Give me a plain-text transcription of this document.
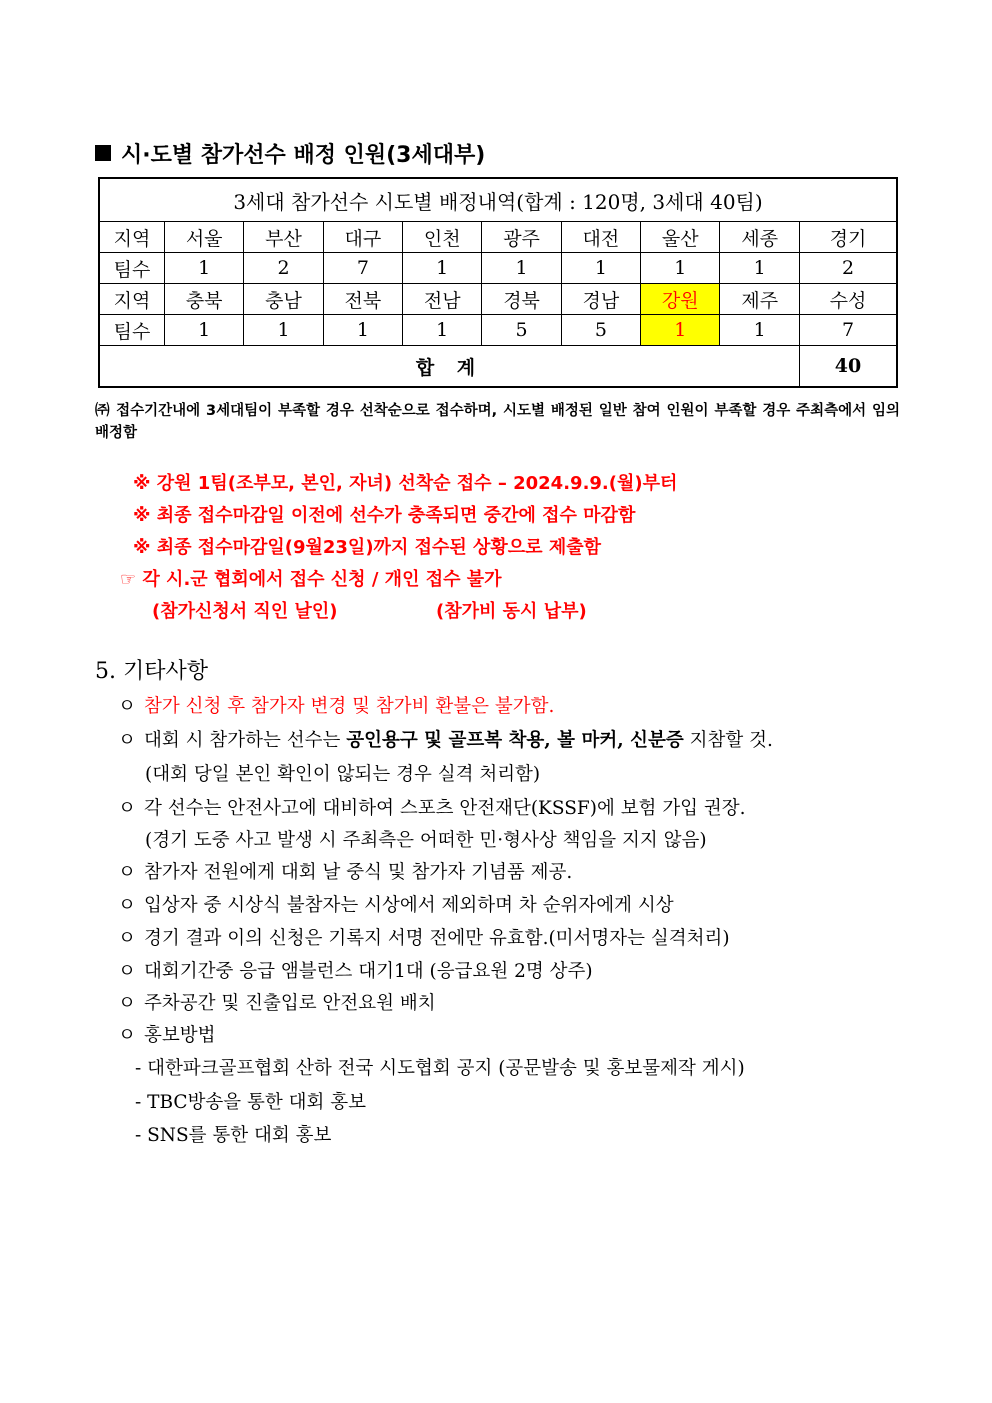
시·도별 참가선수 배정 인원(3세대부)
3세대 참가선수 시도별 배정내역(합계 : 120명, 3세대 40팀)									
지역	서울	부산	대구	인천	광주	대전	울산	세종	경기
팀수	1	2	7	1	1	1	1	1	2
지역	충북	충남	전북	전남	경북	경남	강원	제주	수성
팀수	1	1	1	1	5	5	1	1	7
합 계									40
㈜ 접수기간내에 3세대팀이 부족할 경우 선착순으로 접수하며, 시도별 배정된 일반 참여 인원이 부족할 경우 주최측에서 임의 배정함
※ 강원 1팀(조부모, 본인, 자녀) 선착순 접수 – 2024.9.9.(월)부터
※ 최종 접수마감일 이전에 선수가 충족되면 중간에 접수 마감함
※ 최종 접수마감일(9월23일)까지 접수된 상황으로 제출함
☞ 각 시.군 협회에서 접수 신청 / 개인 접수 불가
(참가신청서 직인 날인)	(참가비 동시 납부)
5. 기타사항
ㅇ 참가 신청 후 참가자 변경 및 참가비 환불은 불가함.
ㅇ 대회 시 참가하는 선수는 공인용구 및 골프복 착용, 볼 마커, 신분증 지참할 것.
(대회 당일 본인 확인이 않되는 경우 실격 처리함)
ㅇ 각 선수는 안전사고에 대비하여 스포츠 안전재단(KSSF)에 보험 가입 권장.
(경기 도중 사고 발생 시 주최측은 어떠한 민·형사상 책임을 지지 않음)
ㅇ 참가자 전원에게 대회 날 중식 및 참가자 기념품 제공.
ㅇ 입상자 중 시상식 불참자는 시상에서 제외하며 차 순위자에게 시상
ㅇ 경기 결과 이의 신청은 기록지 서명 전에만 유효함.(미서명자는 실격처리)
ㅇ 대회기간중 응급 앰블런스 대기1대 (응급요원 2명 상주)
ㅇ 주차공간 및 진출입로 안전요원 배치
ㅇ 홍보방법
- 대한파크골프협회 산하 전국 시도협회 공지 (공문발송 및 홍보물제작 게시)
- TBC방송을 통한 대회 홍보
- SNS를 통한 대회 홍보
